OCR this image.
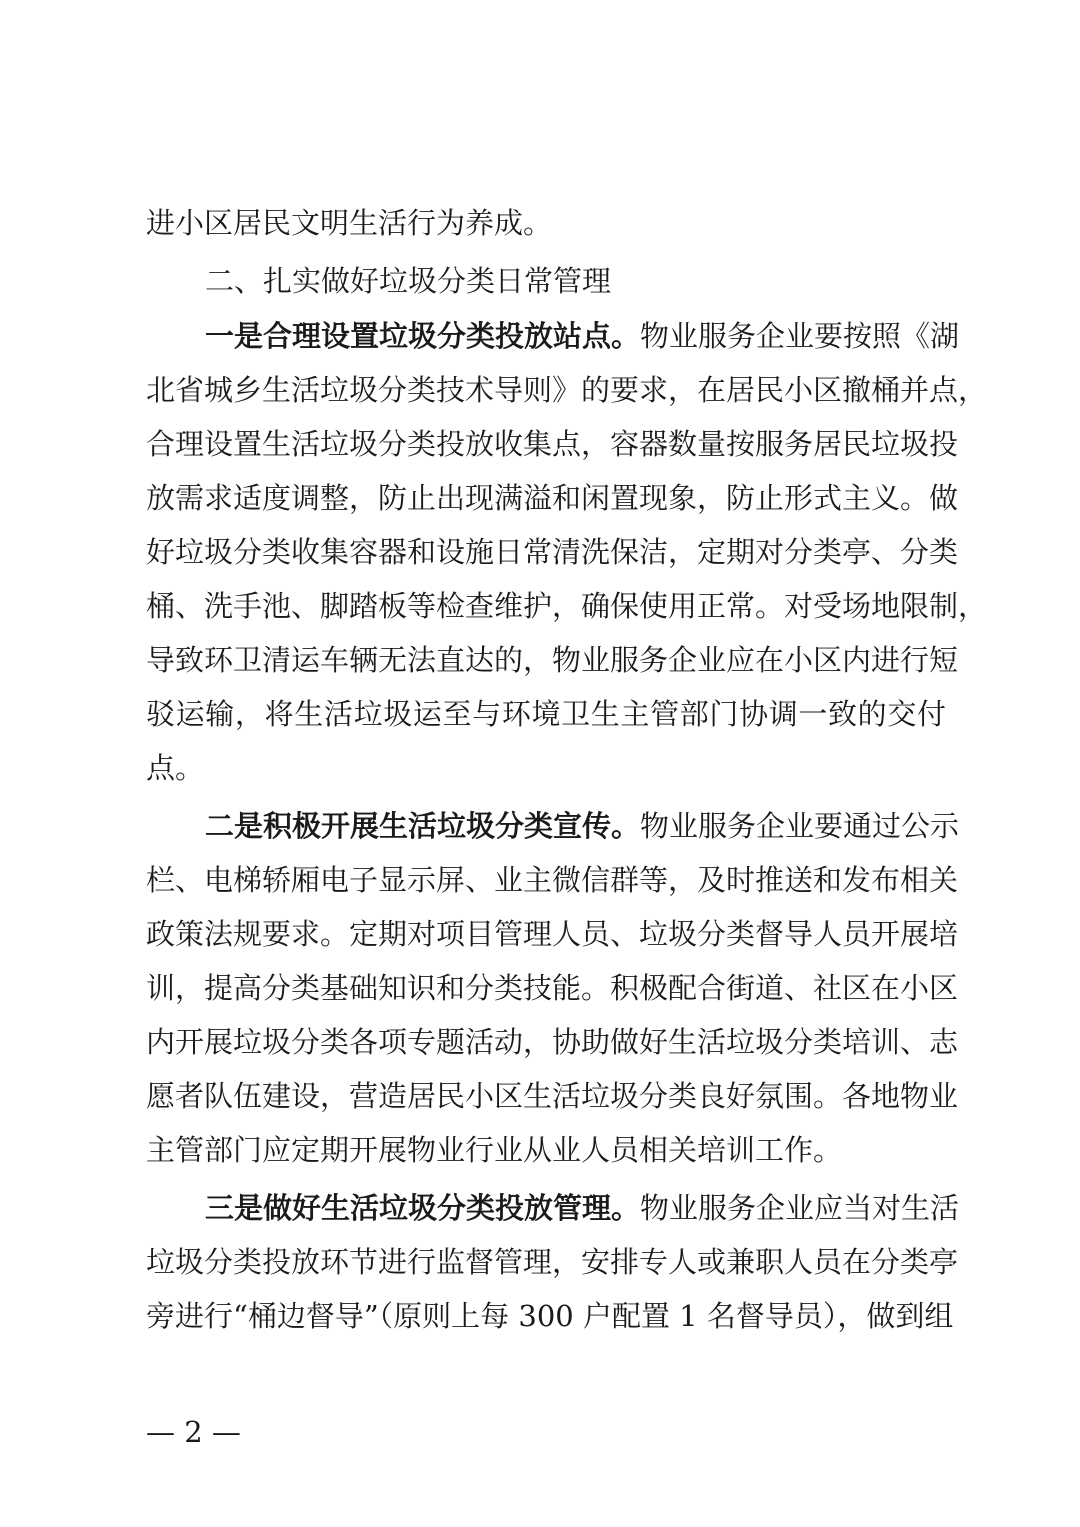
进小区居民文明生活行为养成。
二、扎实做好垃圾分类日常管理
一是合理设置垃圾分类投放站点。物业服务企业要按照《湖
北省城乡生活垃圾分类技术导则》的要求，在居民小区撤桶并点，
合理设置生活垃圾分类投放收集点，容器数量按服务居民垃圾投
放需求适度调整，防止出现满溢和闲置现象，防止形式主义。做
好垃圾分类收集容器和设施日常清洗保洁，定期对分类亭、分类
桶、洗手池、脚踏板等检查维护，确保使用正常。对受场地限制，
导致环卫清运车辆无法直达的，物业服务企业应在小区内进行短
驳运输，将生活垃圾运至与环境卫生主管部门协调一致的交付
点。
二是积极开展生活垃圾分类宣传。物业服务企业要通过公示
栏、电梯轿厢电子显示屏、业主微信群等，及时推送和发布相关
政策法规要求。定期对项目管理人员、垃圾分类督导人员开展培
训，提高分类基础知识和分类技能。积极配合街道、社区在小区
内开展垃圾分类各项专题活动，协助做好生活垃圾分类培训、志
愿者队伍建设，营造居民小区生活垃圾分类良好氛围。各地物业
主管部门应定期开展物业行业从业人员相关培训工作。
三是做好生活垃圾分类投放管理。物业服务企业应当对生活
垃圾分类投放环节进行监督管理，安排专人或兼职人员在分类亭
旁进行“桶边督导”（原则上每 300 户配置 1 名督导员），做到组
— 2 —
